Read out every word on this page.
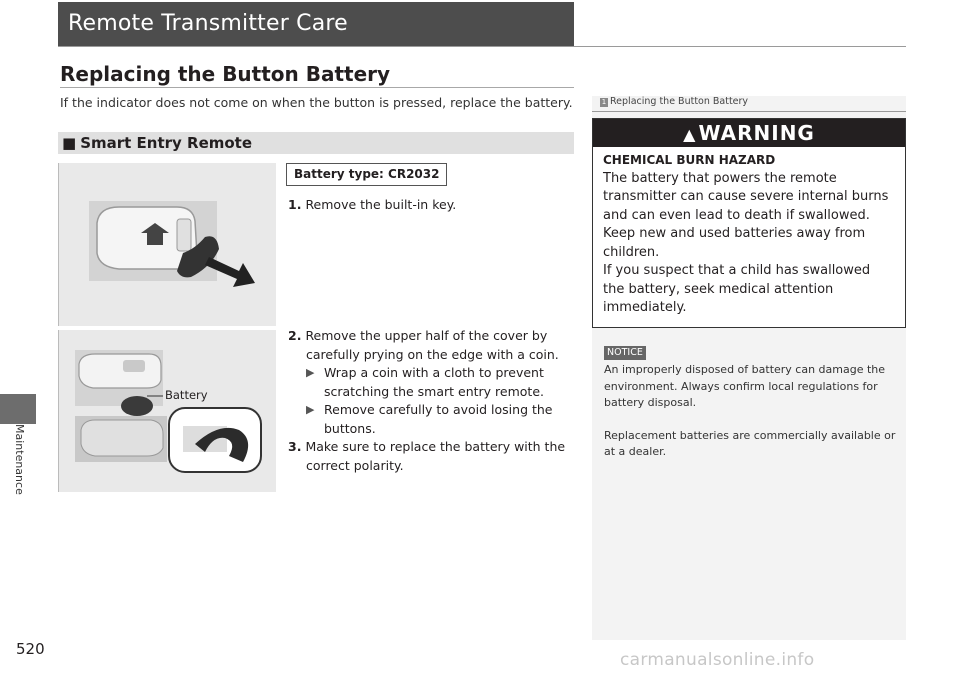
Remote Transmitter Care
Maintenance
520
Replacing the Button Battery
If the indicator does not come on when the button is pressed, replace the battery.
■ Smart Entry Remote
Battery type: CR2032
1. Remove the built-in key.
Battery
2. Remove the upper half of the cover by
carefully prying on the edge with a coin.
▶ Wrap a coin with a cloth to prevent
scratching the smart entry remote.
▶ Remove carefully to avoid losing the
buttons.
3. Make sure to replace the battery with the
correct polarity.
1 Replacing the Button Battery
▲ WARNING
CHEMICAL BURN HAZARD
The battery that powers the remote
transmitter can cause severe internal burns
and can even lead to death if swallowed.
Keep new and used batteries away from
children.
If you suspect that a child has swallowed
the battery, seek medical attention
immediately.
NOTICE

An improperly disposed of battery can damage the environment. Always confirm local regulations for battery disposal.

Replacement batteries are commercially available or at a dealer.

carmanualsonline.info
